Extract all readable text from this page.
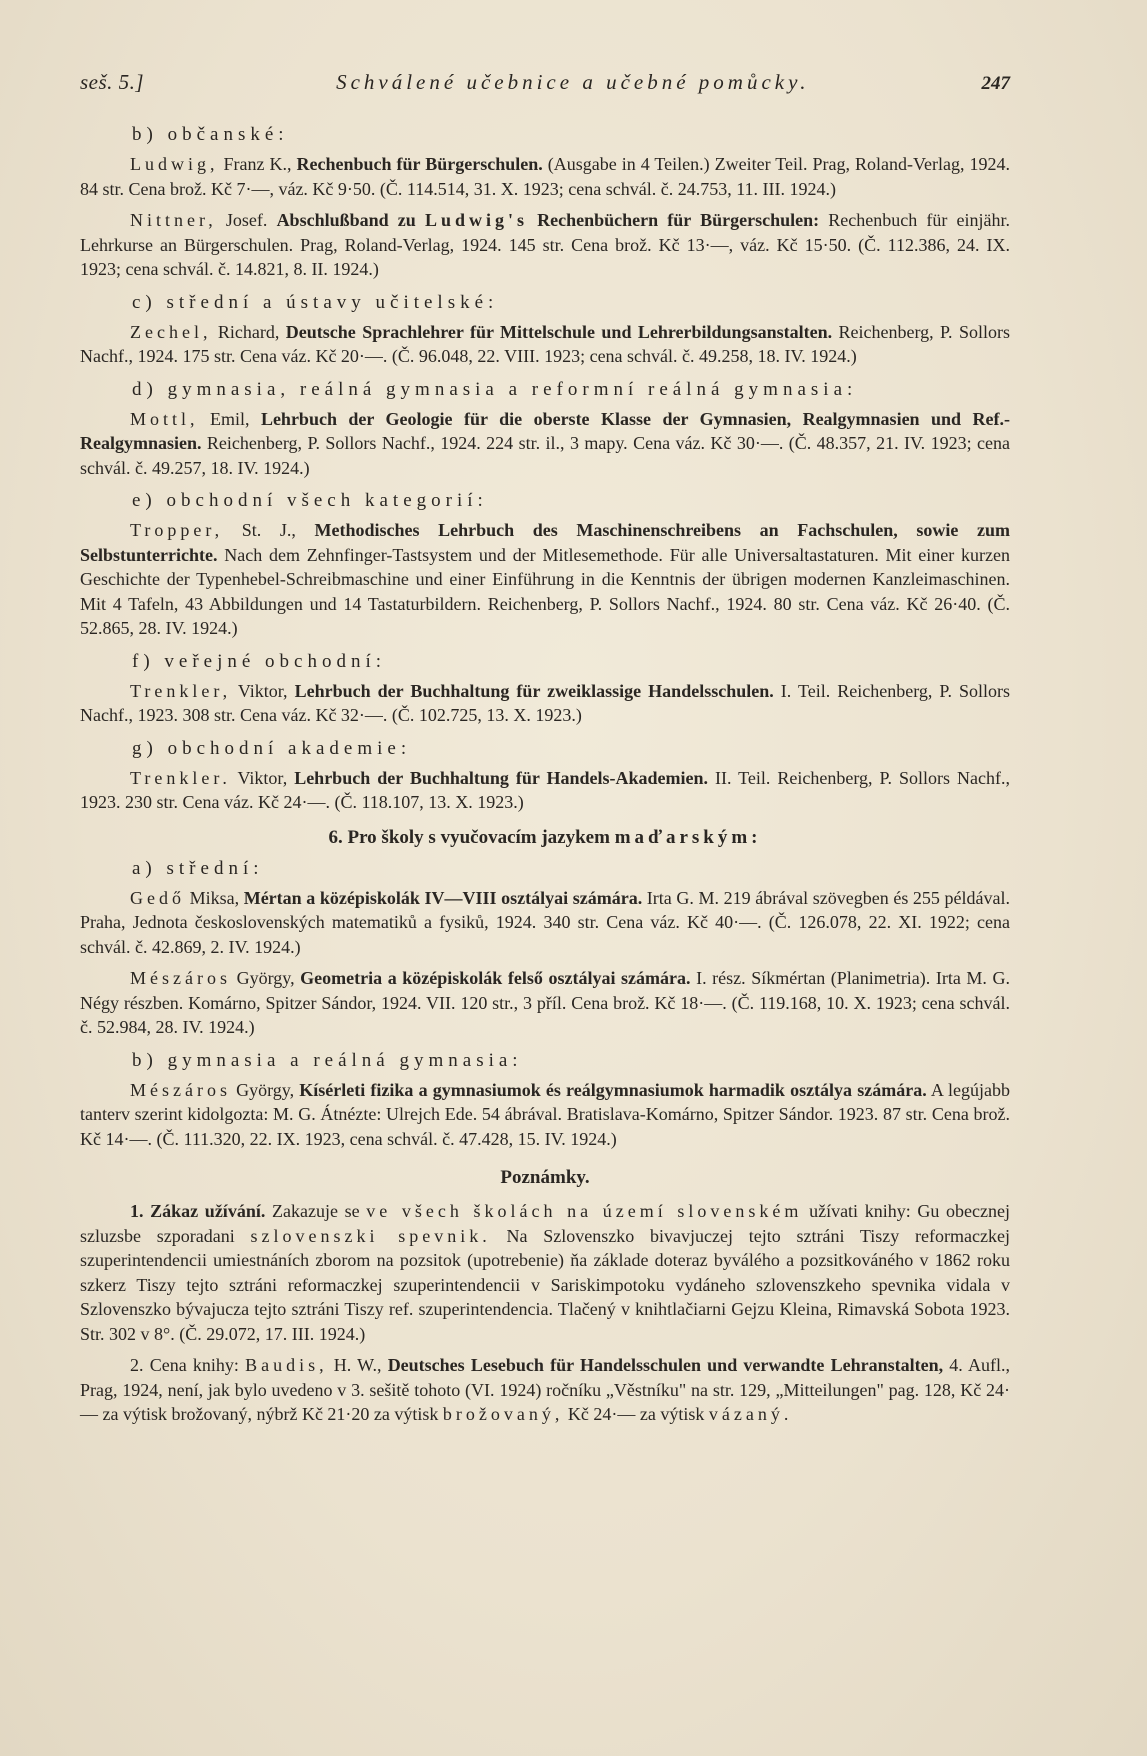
seš. 5.]	Schválené učebnice a učebné pomůcky.	247
b) občanské:

Ludwig, Franz K., Rechenbuch für Bürgerschulen. (Ausgabe in 4 Teilen.) Zweiter Teil. Prag, Roland-Verlag, 1924. 84 str. Cena brož. Kč 7·—, váz. Kč 9·50. (Č. 114.514, 31. X. 1923; cena schvál. č. 24.753, 11. III. 1924.)

Nittner, Josef. Abschlußband zu Ludwig's Rechenbüchern für Bürgerschulen: Rechenbuch für einjähr. Lehrkurse an Bürgerschulen. Prag, Roland-Verlag, 1924. 145 str. Cena brož. Kč 13·—, váz. Kč 15·50. (Č. 112.386, 24. IX. 1923; cena schvál. č. 14.821, 8. II. 1924.)

c) střední a ústavy učitelské:

Zechel, Richard, Deutsche Sprachlehrer für Mittelschule und Lehrerbildungsanstalten. Reichenberg, P. Sollors Nachf., 1924. 175 str. Cena váz. Kč 20·—. (Č. 96.048, 22. VIII. 1923; cena schvál. č. 49.258, 18. IV. 1924.)

d) gymnasia, reálná gymnasia a reformní reálná gymnasia:

Mottl, Emil, Lehrbuch der Geologie für die oberste Klasse der Gymnasien, Realgymnasien und Ref.-Realgymnasien. Reichenberg, P. Sollors Nachf., 1924. 224 str. il., 3 mapy. Cena váz. Kč 30·—. (Č. 48.357, 21. IV. 1923; cena schvál. č. 49.257, 18. IV. 1924.)

e) obchodní všech kategorií:

Tropper, St. J., Methodisches Lehrbuch des Maschinenschreibens an Fachschulen, sowie zum Selbstunterrichte. Nach dem Zehnfinger-Tastsystem und der Mitlesemethode. Für alle Universaltastaturen. Mit einer kurzen Geschichte der Typenhebel-Schreibmaschine und einer Einführung in die Kenntnis der übrigen modernen Kanzleimaschinen. Mit 4 Tafeln, 43 Abbildungen und 14 Tastaturbildern. Reichenberg, P. Sollors Nachf., 1924. 80 str. Cena váz. Kč 26·40. (Č. 52.865, 28. IV. 1924.)

f) veřejné obchodní:

Trenkler, Viktor, Lehrbuch der Buchhaltung für zweiklassige Handelsschulen. I. Teil. Reichenberg, P. Sollors Nachf., 1923. 308 str. Cena váz. Kč 32·—. (Č. 102.725, 13. X. 1923.)

g) obchodní akademie:

Trenkler. Viktor, Lehrbuch der Buchhaltung für Handels-Akademien. II. Teil. Reichenberg, P. Sollors Nachf., 1923. 230 str. Cena váz. Kč 24·—. (Č. 118.107, 13. X. 1923.)

6. Pro školy s vyučovacím jazykem maďarským:
a) střední:

Gedő Miksa, Mértan a középiskolák IV—VIII osztályai számára. Irta G. M. 219 ábrával szövegben és 255 példával. Praha, Jednota československých matematiků a fysiků, 1924. 340 str. Cena váz. Kč 40·—. (Č. 126.078, 22. XI. 1922; cena schvál. č. 42.869, 2. IV. 1924.)

Mészáros György, Geometria a középiskolák felső osztályai számára. I. rész. Síkmértan (Planimetria). Irta M. G. Négy részben. Komárno, Spitzer Sándor, 1924. VII. 120 str., 3 příl. Cena brož. Kč 18·—. (Č. 119.168, 10. X. 1923; cena schvál. č. 52.984, 28. IV. 1924.)

b) gymnasia a reálná gymnasia:

Mészáros György, Kísérleti fizika a gymnasiumok és reálgymnasiumok harmadik osztálya számára. A legújabb tanterv szerint kidolgozta: M. G. Átnézte: Ulrejch Ede. 54 ábrával. Bratislava-Komárno, Spitzer Sándor. 1923. 87 str. Cena brož. Kč 14·—. (Č. 111.320, 22. IX. 1923, cena schvál. č. 47.428, 15. IV. 1924.)

Poznámky.

1. Zákaz užívání. Zakazuje se ve všech školách na území slovenském užívati knihy: Gu obecznej szluzsbe szporadani szlovenszki spevnik. Na Szlovenszko bivavjuczej tejto sztráni Tiszy reformaczkej szuperintendencii umiestnáních zborom na pozsitok (upotrebenie) ňa základe doteraz byválého a pozsitkováného v 1862 roku szkerz Tiszy tejto sztráni reformaczkej szuperintendencii v Sariskimpotoku vydáneho szlovenszkeho spevnika vidala v Szlovenszko bývajucza tejto sztráni Tiszy ref. szuperintendencia. Tlačený v knihtlačiarni Gejzu Kleina, Rimavská Sobota 1923. Str. 302 v 8°. (Č. 29.072, 17. III. 1924.)

2. Cena knihy: Baudis, H. W., Deutsches Lesebuch für Handelsschulen und verwandte Lehranstalten, 4. Aufl., Prag, 1924, není, jak bylo uvedeno v 3. sešitě tohoto (VI. 1924) ročníku „Věstníku" na str. 129, „Mitteilungen" pag. 128, Kč 24·— za výtisk brožovaný, nýbrž Kč 21·20 za výtisk brožovaný, Kč 24·— za výtisk vázaný.
